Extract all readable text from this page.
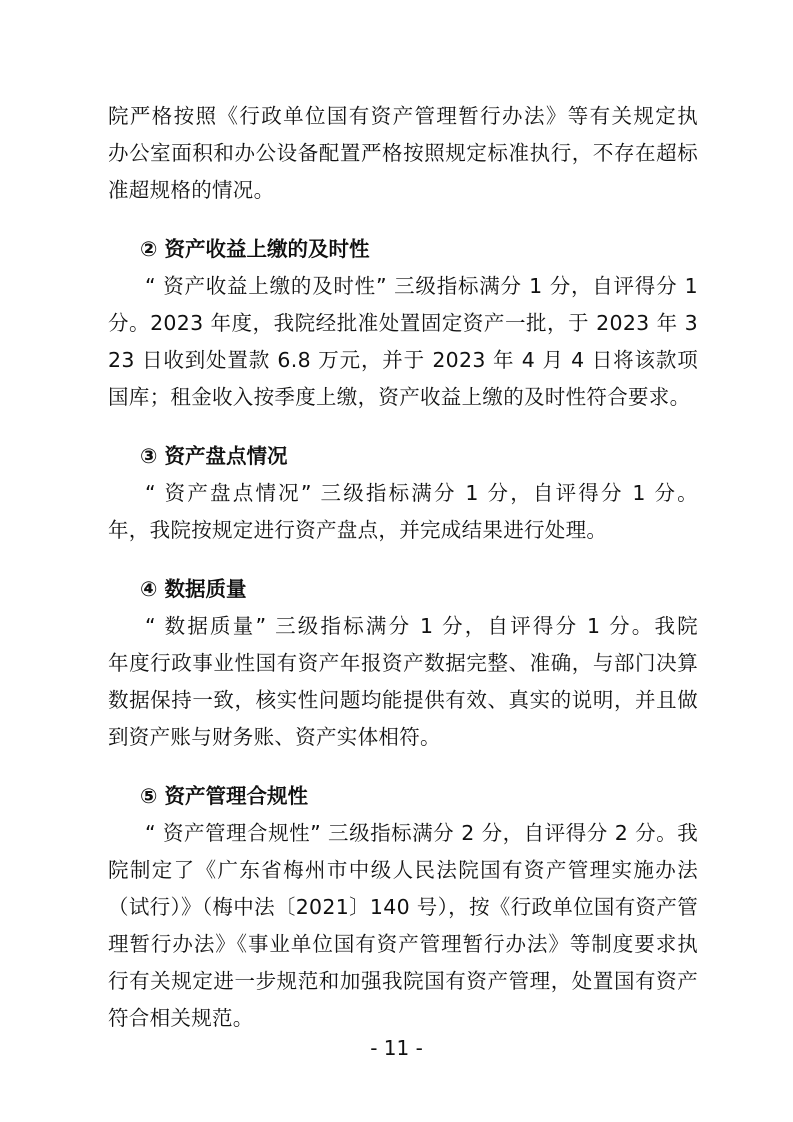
院严格按照《行政单位国有资产管理暂行办法》等有关规定执
办公室面积和办公设备配置严格按照规定标准执行，不存在超标
准超规格的情况。
② 资产收益上缴的及时性
“ 资产收益上缴的及时性” 三级指标满分 1 分，自评得分 1
分。2023 年度，我院经批准处置固定资产一批，于 2023 年 3
23 日收到处置款 6.8 万元，并于 2023 年 4 月 4 日将该款项
国库；租金收入按季度上缴，资产收益上缴的及时性符合要求。
③ 资产盘点情况
“ 资产盘点情况” 三级指标满分 1 分，自评得分 1 分。
年，我院按规定进行资产盘点，并完成结果进行处理。
④ 数据质量
“ 数据质量” 三级指标满分 1 分，自评得分 1 分。我院
年度行政事业性国有资产年报资产数据完整、准确，与部门决算
数据保持一致，核实性问题均能提供有效、真实的说明，并且做
到资产账与财务账、资产实体相符。
⑤ 资产管理合规性
“ 资产管理合规性” 三级指标满分 2 分，自评得分 2 分。我
院制定了《广东省梅州市中级人民法院国有资产管理实施办法
（试行）》（梅中法〔2021〕140 号），按《行政单位国有资产管
理暂行办法》《事业单位国有资产管理暂行办法》等制度要求执
行有关规定进一步规范和加强我院国有资产管理，处置国有资产
符合相关规范。
- 11 -
